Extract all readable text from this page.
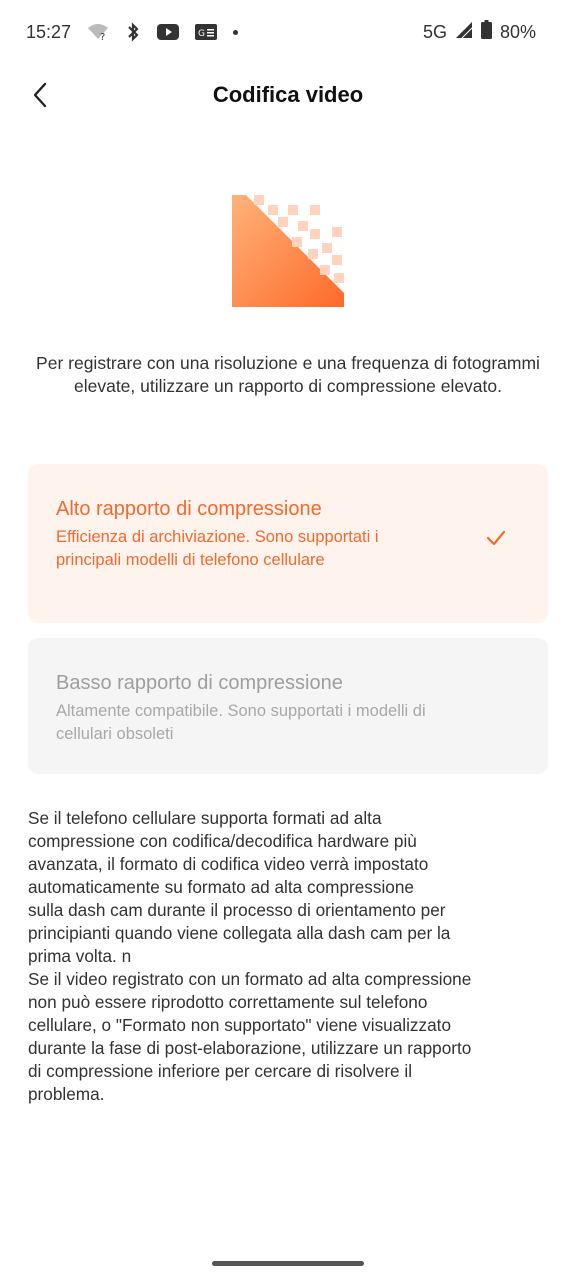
15:27	?	G	5G	80%
Codifica video
Per registrare con una risoluzione e una frequenza di fotogrammi elevate, utilizzare un rapporto di compressione elevato.
Alto rapporto di compressione
Efficienza di archiviazione. Sono supportati i principali modelli di telefono cellulare
Basso rapporto di compressione
Altamente compatibile. Sono supportati i modelli di cellulari obsoleti
Se il telefono cellulare supporta formati ad alta
compressione con codifica/decodifica hardware più
avanzata, il formato di codifica video verrà impostato
automaticamente su formato ad alta compressione
sulla dash cam durante il processo di orientamento per
principianti quando viene collegata alla dash cam per la
prima volta. n
Se il video registrato con un formato ad alta compressione
non può essere riprodotto correttamente sul telefono
cellulare, o "Formato non supportato" viene visualizzato
durante la fase di post-elaborazione, utilizzare un rapporto
di compressione inferiore per cercare di risolvere il
problema.
